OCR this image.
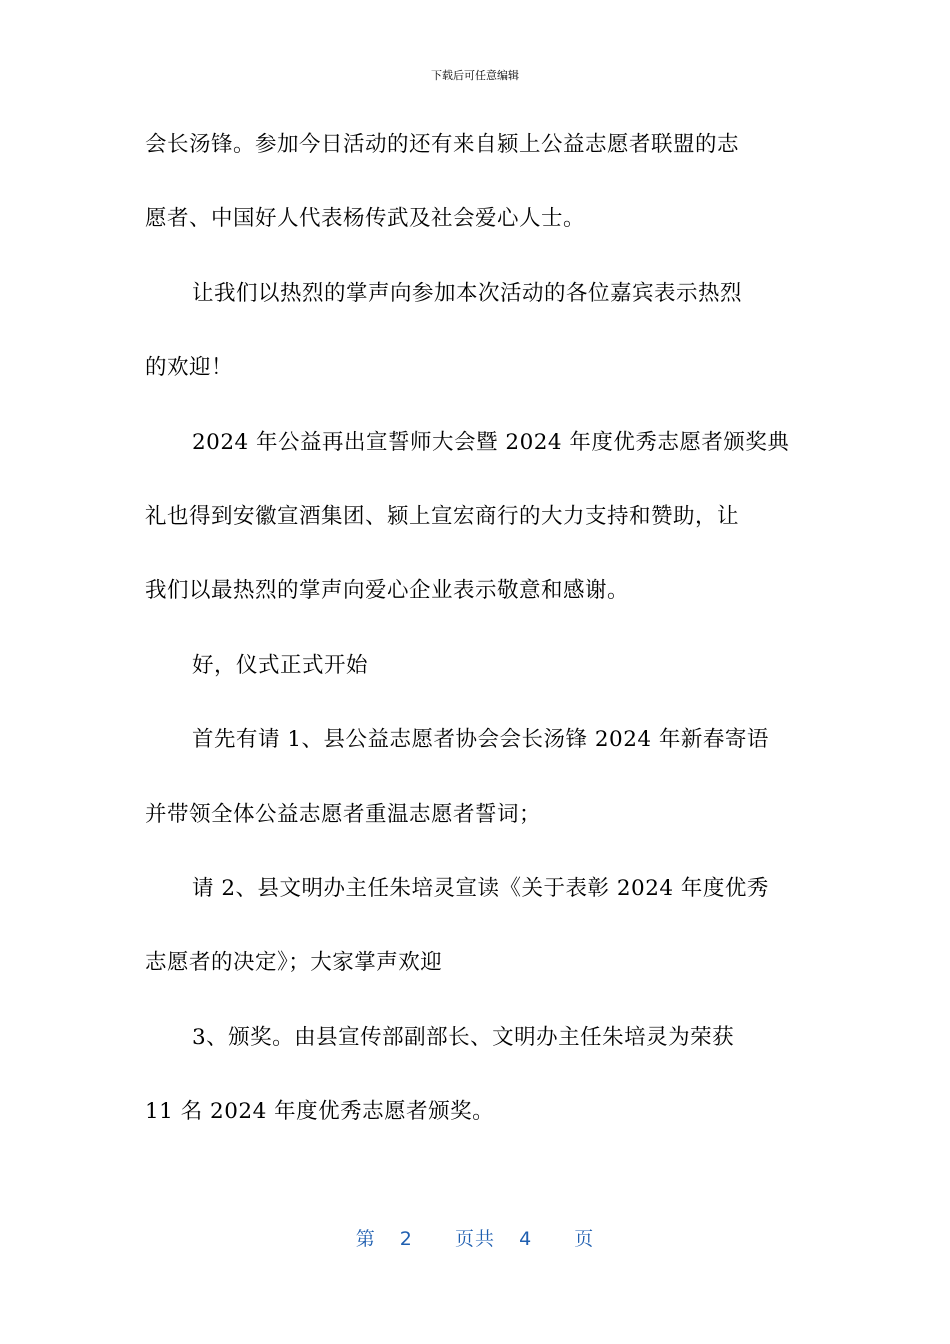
下载后可任意编辑
会长汤锋。参加今日活动的还有来自颍上公益志愿者联盟的志
愿者、中国好人代表杨传武及社会爱心人士。
让我们以热烈的掌声向参加本次活动的各位嘉宾表示热烈
的欢迎！
2024 年公益再出宣誓师大会暨 2024 年度优秀志愿者颁奖典
礼也得到安徽宣酒集团、颍上宣宏商行的大力支持和赞助，让
我们以最热烈的掌声向爱心企业表示敬意和感谢。
好，仪式正式开始
首先有请 1、县公益志愿者协会会长汤锋 2024 年新春寄语
并带领全体公益志愿者重温志愿者誓词；
请 2、县文明办主任朱培灵宣读《关于表彰 2024 年度优秀
志愿者的决定》；大家掌声欢迎
3、颁奖。由县宣传部副部长、文明办主任朱培灵为荣获
11 名 2024 年度优秀志愿者颁奖。
第 2 页共 4 页
